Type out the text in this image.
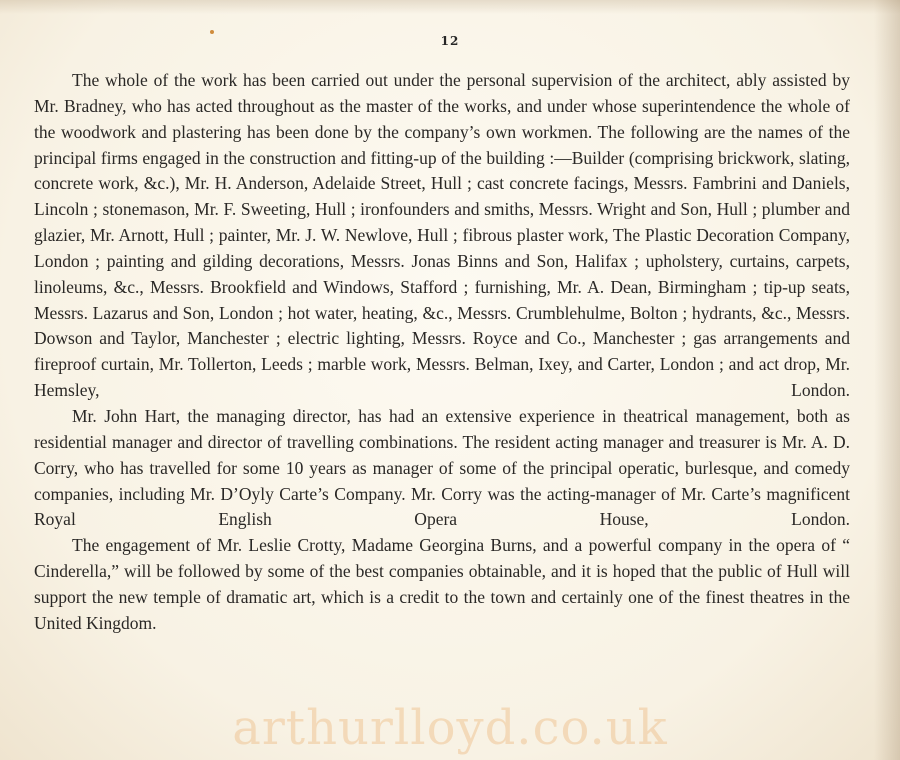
12

The whole of the work has been carried out under the personal supervision of the architect, ably assisted by Mr. Bradney, who has acted throughout as the master of the works, and under whose superintendence the whole of the woodwork and plastering has been done by the company’s own workmen. The following are the names of the principal firms engaged in the construction and fitting-up of the building :—Builder (comprising brickwork, slating, concrete work, &c.), Mr. H. Anderson, Adelaide Street, Hull ; cast concrete facings, Messrs. Fambrini and Daniels, Lincoln ; stonemason, Mr. F. Sweeting, Hull ; ironfounders and smiths, Messrs. Wright and Son, Hull ; plumber and glazier, Mr. Arnott, Hull ; painter, Mr. J. W. Newlove, Hull ; fibrous plaster work, The Plastic Decoration Company, London ; painting and gilding decorations, Messrs. Jonas Binns and Son, Halifax ; upholstery, curtains, carpets, linoleums, &c., Messrs. Brookfield and Windows, Stafford ; furnishing, Mr. A. Dean, Birmingham ; tip-up seats, Messrs. Lazarus and Son, London ; hot water, heating, &c., Messrs. Crumblehulme, Bolton ; hydrants, &c., Messrs. Dowson and Taylor, Manchester ; electric lighting, Messrs. Royce and Co., Manchester ; gas arrangements and fireproof curtain, Mr. Tollerton, Leeds ; marble work, Messrs. Belman, Ixey, and Carter, London ; and act drop, Mr. Hemsley, London.

Mr. John Hart, the managing director, has had an extensive experience in theatrical management, both as residential manager and director of travelling combinations. The resident acting manager and treasurer is Mr. A. D. Corry, who has travelled for some 10 years as manager of some of the principal operatic, burlesque, and comedy companies, including Mr. D’Oyly Carte’s Company. Mr. Corry was the acting-manager of Mr. Carte’s magnificent Royal English Opera House, London.

The engagement of Mr. Leslie Crotty, Madame Georgina Burns, and a powerful company in the opera of “ Cinderella,” will be followed by some of the best companies obtainable, and it is hoped that the public of Hull will support the new temple of dramatic art, which is a credit to the town and certainly one of the finest theatres in the United Kingdom.

arthurlloyd.co.uk
